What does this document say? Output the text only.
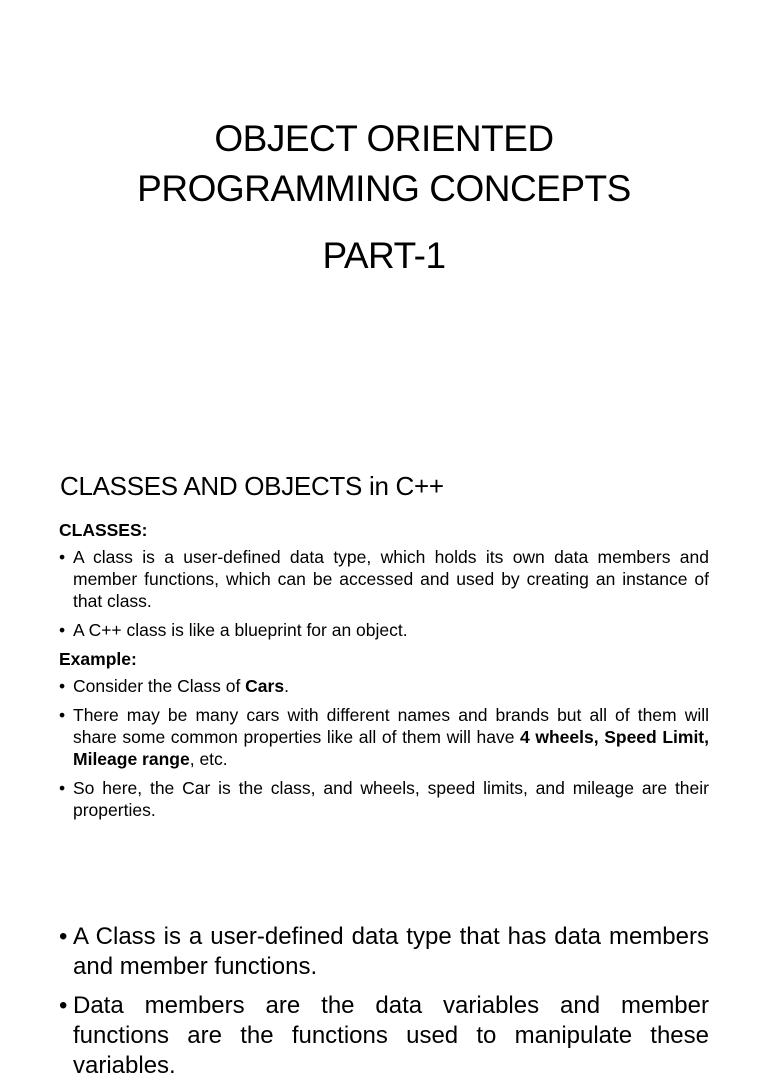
OBJECT ORIENTED
PROGRAMMING CONCEPTS
PART-1
CLASSES AND OBJECTS in C++
CLASSES:
• A class is a user-defined data type, which holds its own data members and member functions, which can be accessed and used by creating an instance of that class.
• A C++ class is like a blueprint for an object.
Example:
• Consider the Class of Cars.
• There may be many cars with different names and brands but all of them will share some common properties like all of them will have 4 wheels, Speed Limit, Mileage range, etc.
• So here, the Car is the class, and wheels, speed limits, and mileage are their properties.
• A Class is a user-defined data type that has data members and member functions.
• Data members are the data variables and member functions are the functions used to manipulate these variables.
